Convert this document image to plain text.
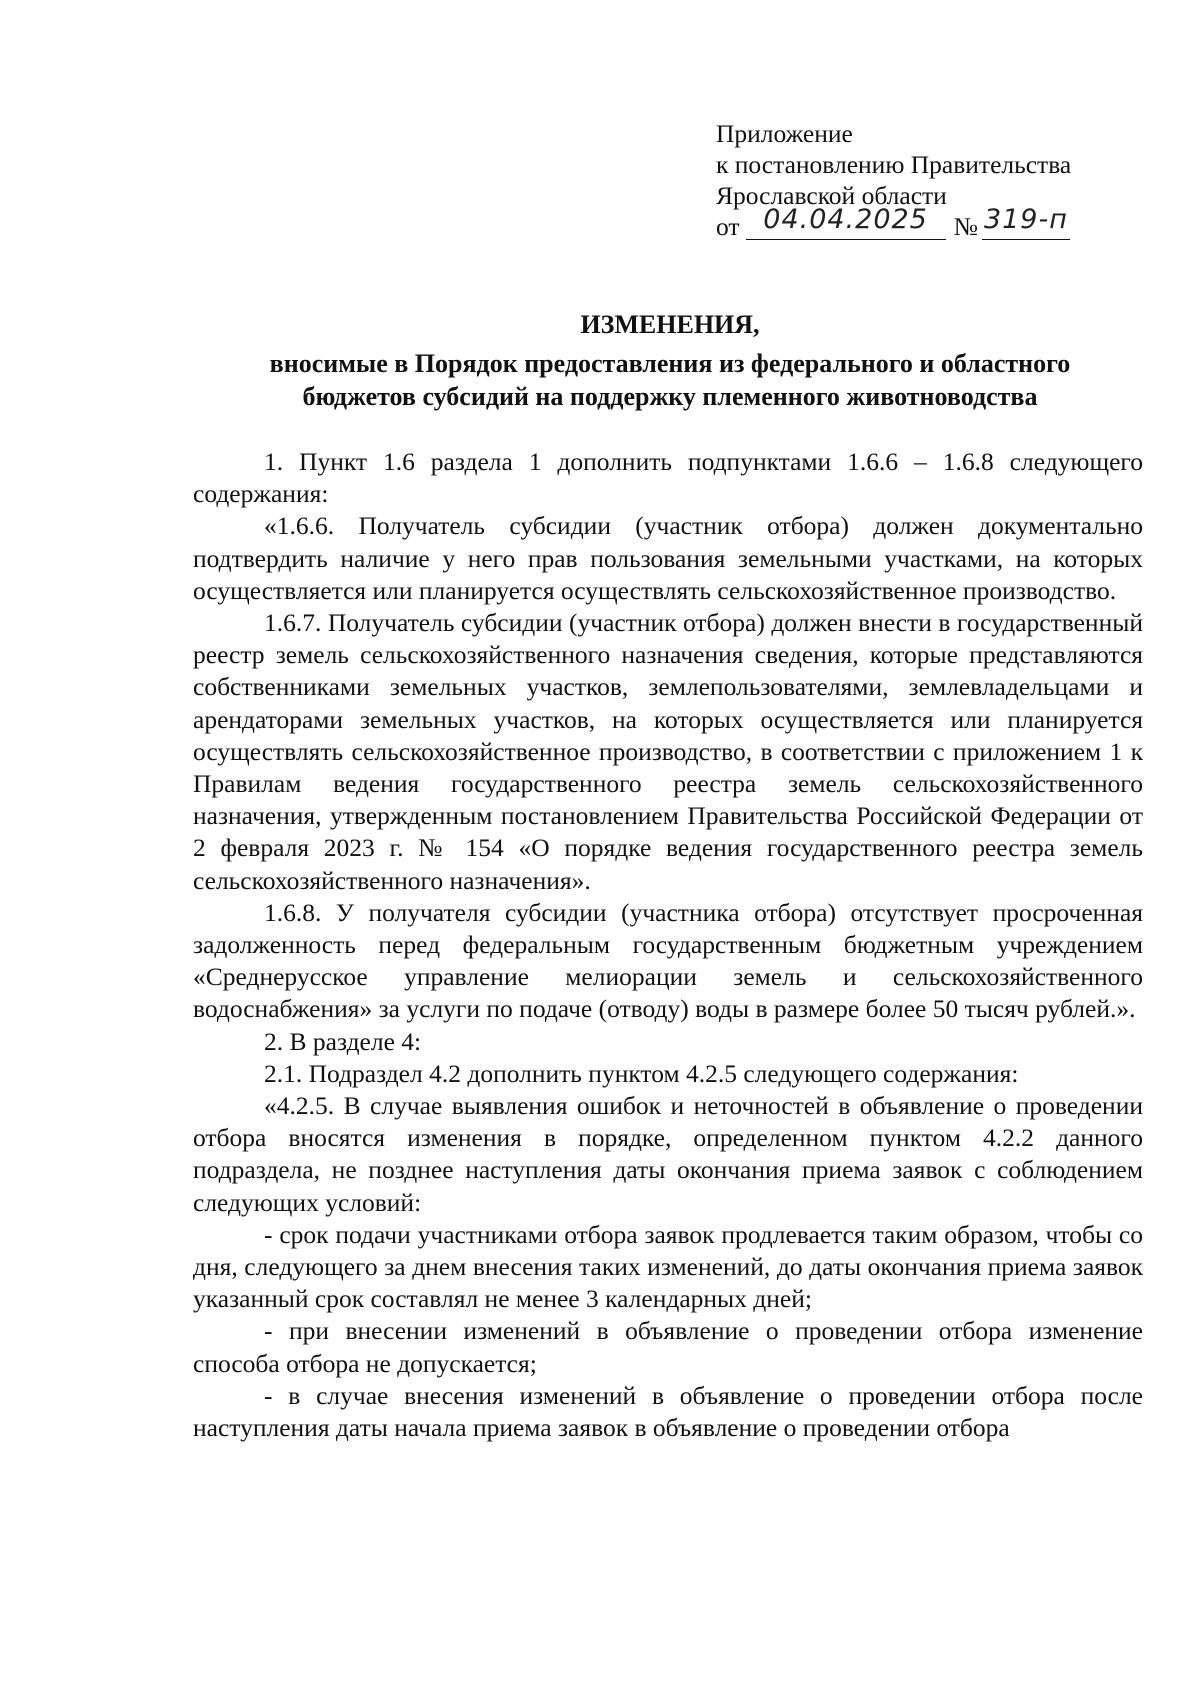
Приложение
к постановлению Правительства
Ярославской области
от 04.04.2025 № 319-п
ИЗМЕНЕНИЯ,
вносимые в Порядок предоставления из федерального и областного
бюджетов субсидий на поддержку племенного животноводства

1. Пункт 1.6 раздела 1 дополнить подпунктами 1.6.6 – 1.6.8 следующего содержания:

«1.6.6. Получатель субсидии (участник отбора) должен документально подтвердить наличие у него прав пользования земельными участками, на которых осуществляется или планируется осуществлять сельскохозяйственное производство.

1.6.7. Получатель субсидии (участник отбора) должен внести в государственный реестр земель сельскохозяйственного назначения сведения, которые представляются собственниками земельных участков, землепользователями, землевладельцами и арендаторами земельных участков, на которых осуществляется или планируется осуществлять сельскохозяйственное производство, в соответствии с приложением 1 к Правилам ведения государственного реестра земель сельскохозяйственного назначения, утвержденным постановлением Правительства Российской Федерации от 2 февраля 2023 г. № 154 «О порядке ведения государственного реестра земель сельскохозяйственного назначения».

1.6.8. У получателя субсидии (участника отбора) отсутствует просроченная задолженность перед федеральным государственным бюджетным учреждением «Среднерусское управление мелиорации земель и сельскохозяйственного водоснабжения» за услуги по подаче (отводу) воды в размере более 50 тысяч рублей.».

2. В разделе 4:

2.1. Подраздел 4.2 дополнить пунктом 4.2.5 следующего содержания:

«4.2.5. В случае выявления ошибок и неточностей в объявление о проведении отбора вносятся изменения в порядке, определенном пунктом 4.2.2 данного подраздела, не позднее наступления даты окончания приема заявок с соблюдением следующих условий:

- срок подачи участниками отбора заявок продлевается таким образом, чтобы со дня, следующего за днем внесения таких изменений, до даты окончания приема заявок указанный срок составлял не менее 3 календарных дней;

- при внесении изменений в объявление о проведении отбора изменение способа отбора не допускается;

- в случае внесения изменений в объявление о проведении отбора после наступления даты начала приема заявок в объявление о проведении отбора
